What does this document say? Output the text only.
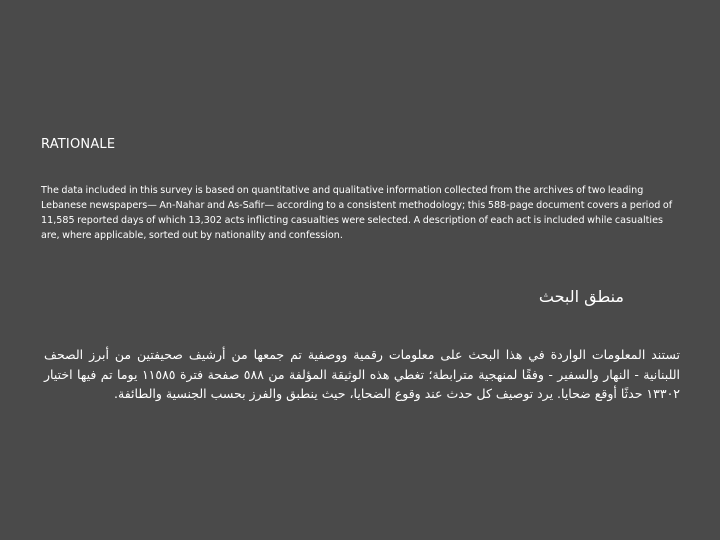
RATIONALE

The data included in this survey is based on quantitative and qualitative information collected from the archives of two leading Lebanese newspapers— An-Nahar and As-Safir— according to a consistent methodology; this 588-page document covers a period of 11,585 reported days of which 13,302 acts inflicting casualties were selected. A description of each act is included while casualties are, where applicable, sorted out by nationality and confession.

منطق البحث

تستند المعلومات الواردة في هذا البحث على معلومات رقمية ووصفية تم جمعها من أرشيف صحيفتين من أبرز الصحف اللبنانية - النهار والسفير - وفقًا لمنهجية مترابطة؛ تغطي هذه الوثيقة المؤلفة من ٥٨٨ صفحة فترة ١١٥٨٥ يوما تم فيها اختيار ١٣٣٠٢ حدثًا أوقع ضحايا. يرد توصيف كل حدث عند وقوع الضحايا، حيث ينطبق والفرز بحسب الجنسية والطائفة.
